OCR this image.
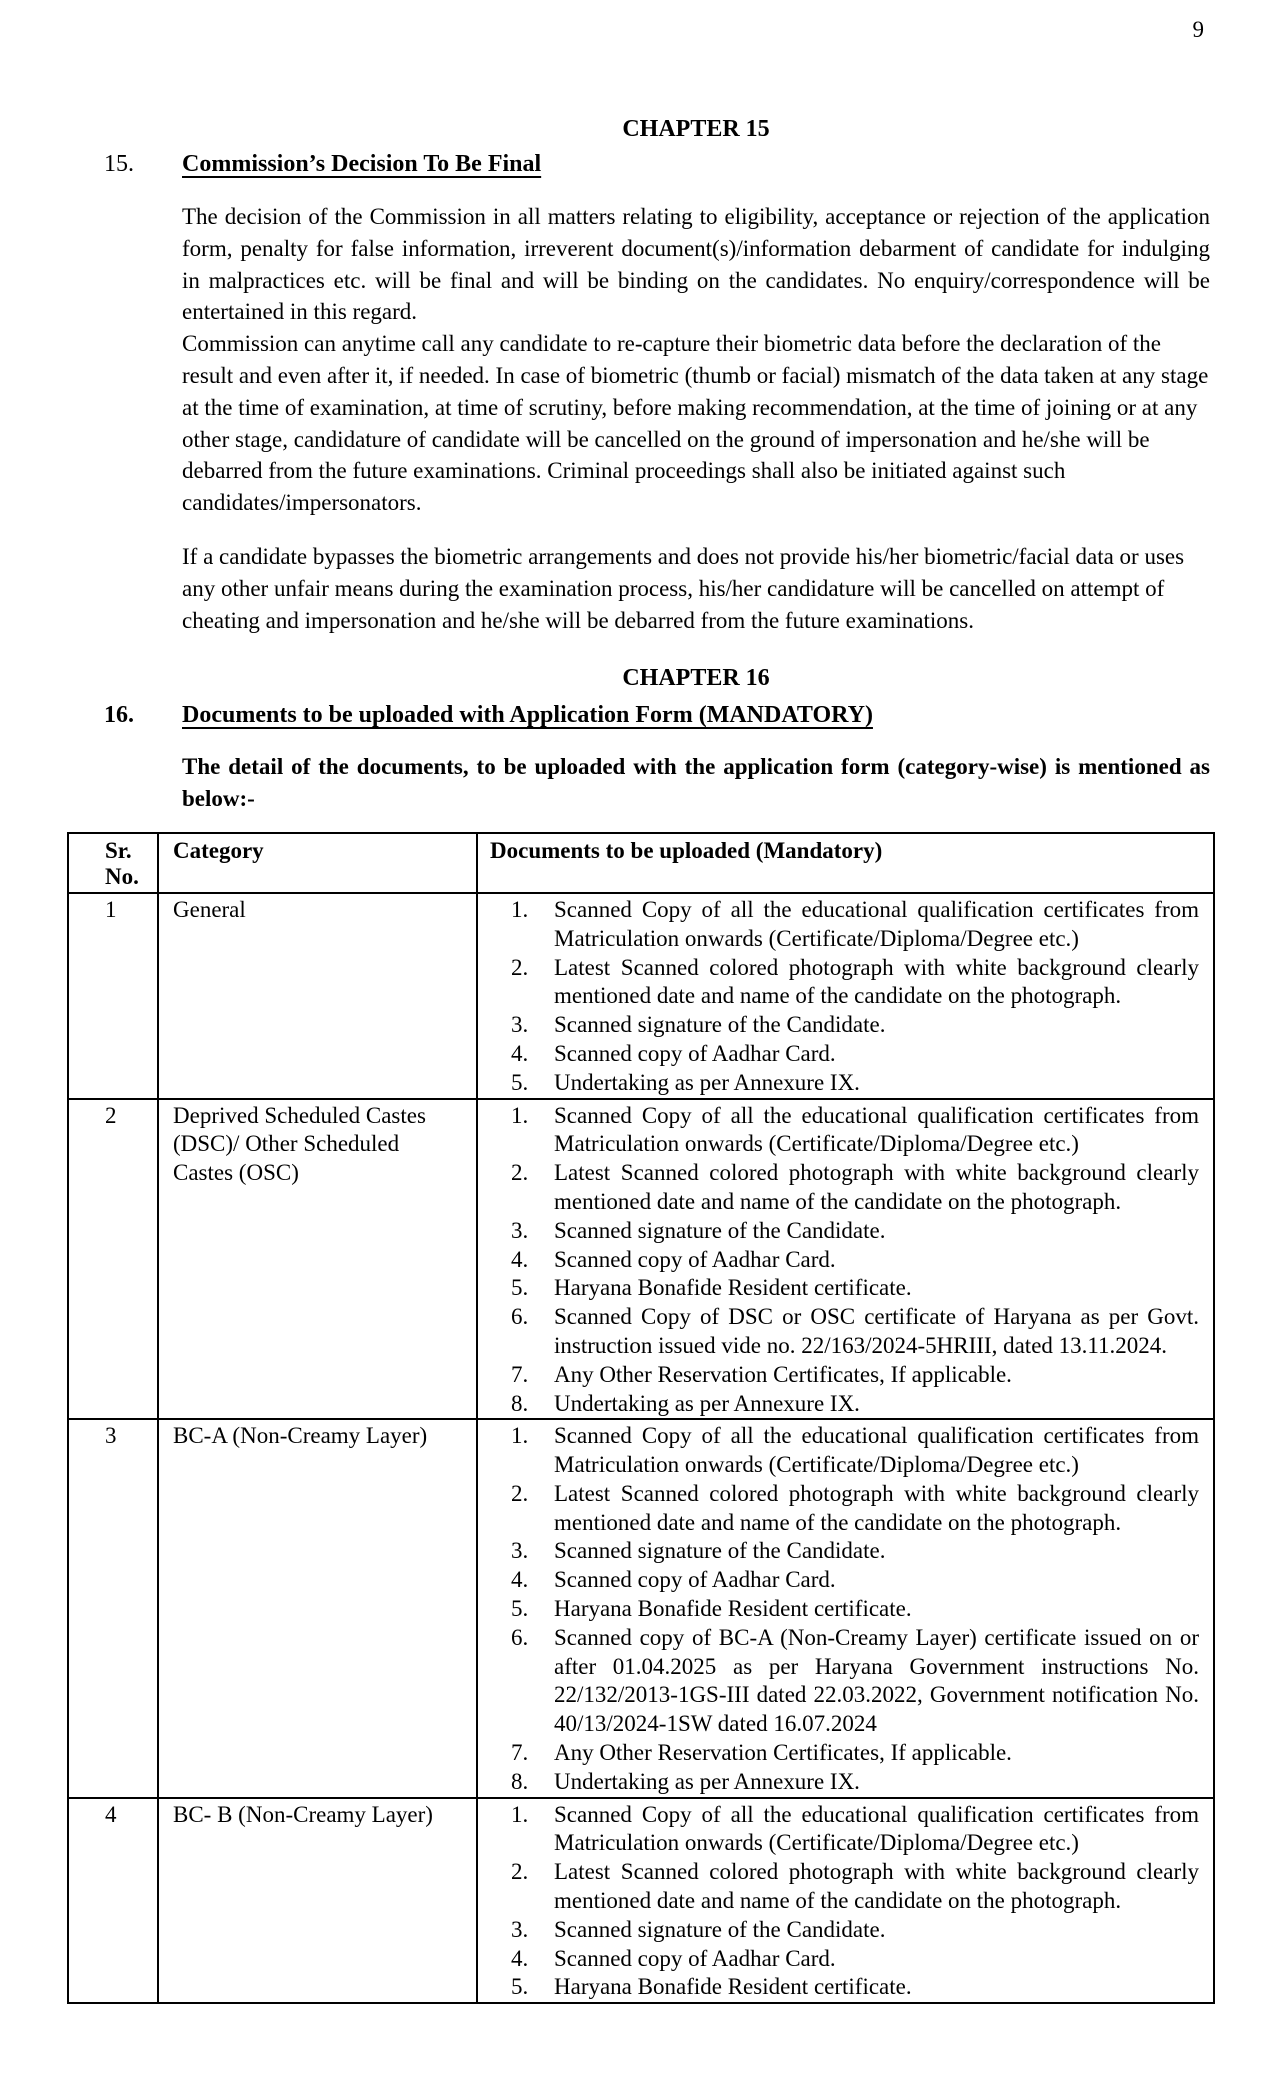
9
CHAPTER 15
15. Commission’s Decision To Be Final

The decision of the Commission in all matters relating to eligibility, acceptance or rejection of the application form, penalty for false information, irreverent document(s)/⁠information debarment of candidate for indulging in malpractices etc. will be final and will be binding on the candidates. No enquiry/⁠correspondence will be entertained in this regard.

Commission can anytime call any candidate to re-capture their biometric data before the declaration of the result and even after it, if needed. In case of biometric (thumb or facial) mismatch of the data taken at any stage at the time of examination, at time of scrutiny, before making recommendation, at the time of joining or at any other stage, candidature of candidate will be cancelled on the ground of impersonation and he/⁠she will be debarred from the future examinations. Criminal proceedings shall also be initiated against such candidates/⁠impersonators.

If a candidate bypasses the biometric arrangements and does not provide his/⁠her biometric/⁠facial data or uses any other unfair means during the examination process, his/⁠her candidature will be cancelled on attempt of cheating and impersonation and he/⁠she will be debarred from the future examinations.

CHAPTER 16
16. Documents to be uploaded with Application Form (MANDATORY)

The detail of the documents, to be uploaded with the application form (category-wise) is mentioned as below:-

Sr. No.	Category	Documents to be uploaded (Mandatory)
1	General	1. Scanned Copy of all the educational qualification certificates from Matriculation onwards (Certificate/⁠Diploma/⁠Degree etc.)
2. Latest Scanned colored photograph with white background clearly mentioned date and name of the candidate on the photograph.
3. Scanned signature of the Candidate.
4. Scanned copy of Aadhar Card.
5. Undertaking as per Annexure IX.

2	Deprived Scheduled Castes (DSC)/⁠ Other Scheduled Castes (OSC)	
1. Scanned Copy of all the educational qualification certificates from Matriculation onwards (Certificate/⁠Diploma/⁠Degree etc.)
2. Latest Scanned colored photograph with white background clearly mentioned date and name of the candidate on the photograph.
3. Scanned signature of the Candidate.
4. Scanned copy of Aadhar Card.
5. Haryana Bonafide Resident certificate.
6. Scanned Copy of DSC or OSC certificate of Haryana as per Govt. instruction issued vide no. 22/⁠163/⁠2024-5HRIII, dated 13.11.2024.
7. Any Other Reservation Certificates, If applicable.
8. Undertaking as per Annexure IX.

3	BC-A (Non-Creamy Layer)	1. Scanned Copy of all the educational qualification certificates from Matriculation onwards (Certificate/⁠Diploma/⁠Degree etc.)
2. Latest Scanned colored photograph with white background clearly mentioned date and name of the candidate on the photograph.
3. Scanned signature of the Candidate.
4. Scanned copy of Aadhar Card.
5. Haryana Bonafide Resident certificate.
6. Scanned copy of BC-A (Non-Creamy Layer) certificate issued on or after 01.04.2025 as per Haryana Government instructions No. 22/⁠132/⁠2013-1GS-III dated 22.03.2022, Government notification No. 40/⁠13/⁠2024-1SW dated 16.07.2024
7. Any Other Reservation Certificates, If applicable.
8. Undertaking as per Annexure IX.

4	BC- B (Non-Creamy Layer)	1. Scanned Copy of all the educational qualification certificates from Matriculation onwards (Certificate/⁠Diploma/⁠Degree etc.)
2. Latest Scanned colored photograph with white background clearly mentioned date and name of the candidate on the photograph.
3. Scanned signature of the Candidate.
4. Scanned copy of Aadhar Card.
5. Haryana Bonafide Resident certificate.
